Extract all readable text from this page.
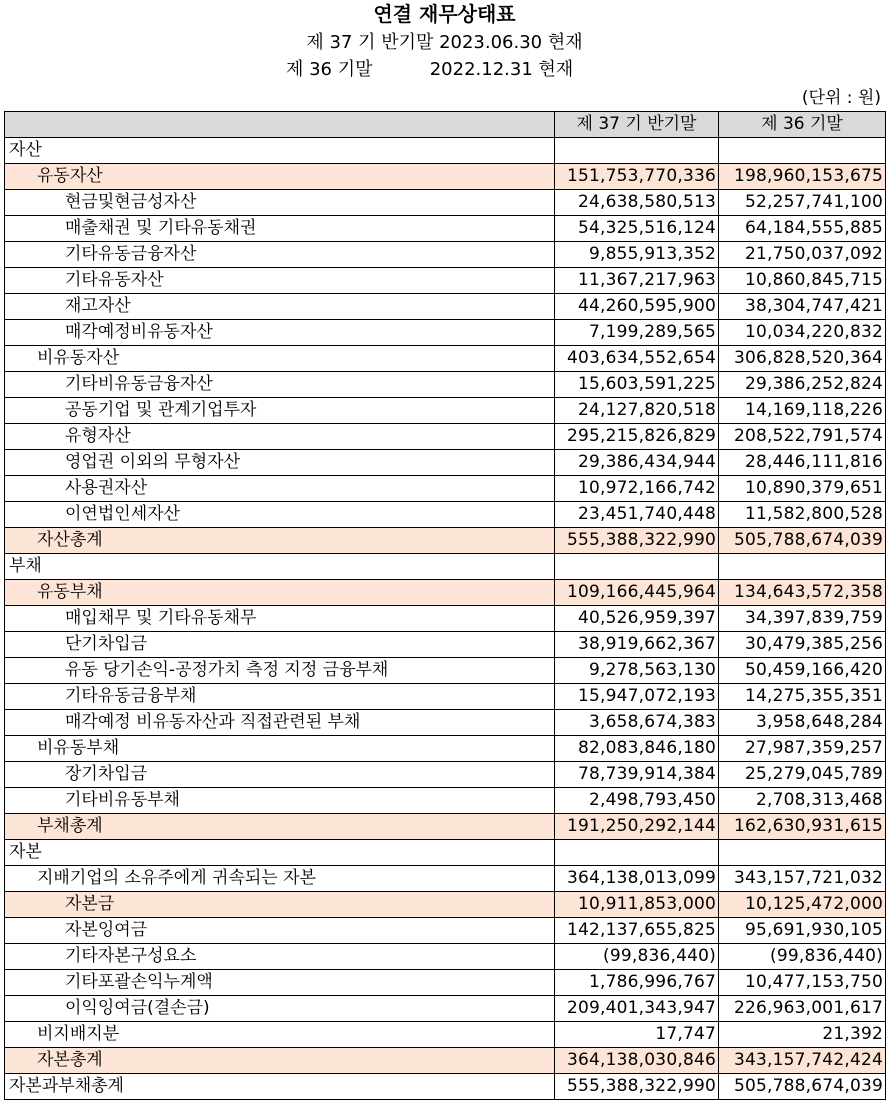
연결 재무상태표
제 37 기 반기말 2023.06.30 현재
제 36 기말          2022.12.31 현재
(단위 : 원)
	제 37 기 반기말	제 36 기말
자산		
유동자산	151,753,770,336	198,960,153,675
현금및현금성자산	24,638,580,513	52,257,741,100
매출채권 및 기타유동채권	54,325,516,124	64,184,555,885
기타유동금융자산	9,855,913,352	21,750,037,092
기타유동자산	11,367,217,963	10,860,845,715
재고자산	44,260,595,900	38,304,747,421
매각예정비유동자산	7,199,289,565	10,034,220,832
비유동자산	403,634,552,654	306,828,520,364
기타비유동금융자산	15,603,591,225	29,386,252,824
공동기업 및 관계기업투자	24,127,820,518	14,169,118,226
유형자산	295,215,826,829	208,522,791,574
영업권 이외의 무형자산	29,386,434,944	28,446,111,816
사용권자산	10,972,166,742	10,890,379,651
이연법인세자산	23,451,740,448	11,582,800,528
자산총계	555,388,322,990	505,788,674,039
부채		
유동부채	109,166,445,964	134,643,572,358
매입채무 및 기타유동채무	40,526,959,397	34,397,839,759
단기차입금	38,919,662,367	30,479,385,256
유동 당기손익-공정가치 측정 지정 금융부채	9,278,563,130	50,459,166,420
기타유동금융부채	15,947,072,193	14,275,355,351
매각예정 비유동자산과 직접관련된 부채	3,658,674,383	3,958,648,284
비유동부채	82,083,846,180	27,987,359,257
장기차입금	78,739,914,384	25,279,045,789
기타비유동부채	2,498,793,450	2,708,313,468
부채총계	191,250,292,144	162,630,931,615
자본		
지배기업의 소유주에게 귀속되는 자본	364,138,013,099	343,157,721,032
자본금	10,911,853,000	10,125,472,000
자본잉여금	142,137,655,825	95,691,930,105
기타자본구성요소	(99,836,440)	(99,836,440)
기타포괄손익누계액	1,786,996,767	10,477,153,750
이익잉여금(결손금)	209,401,343,947	226,963,001,617
비지배지분	17,747	21,392
자본총계	364,138,030,846	343,157,742,424
자본과부채총계	555,388,322,990	505,788,674,039
